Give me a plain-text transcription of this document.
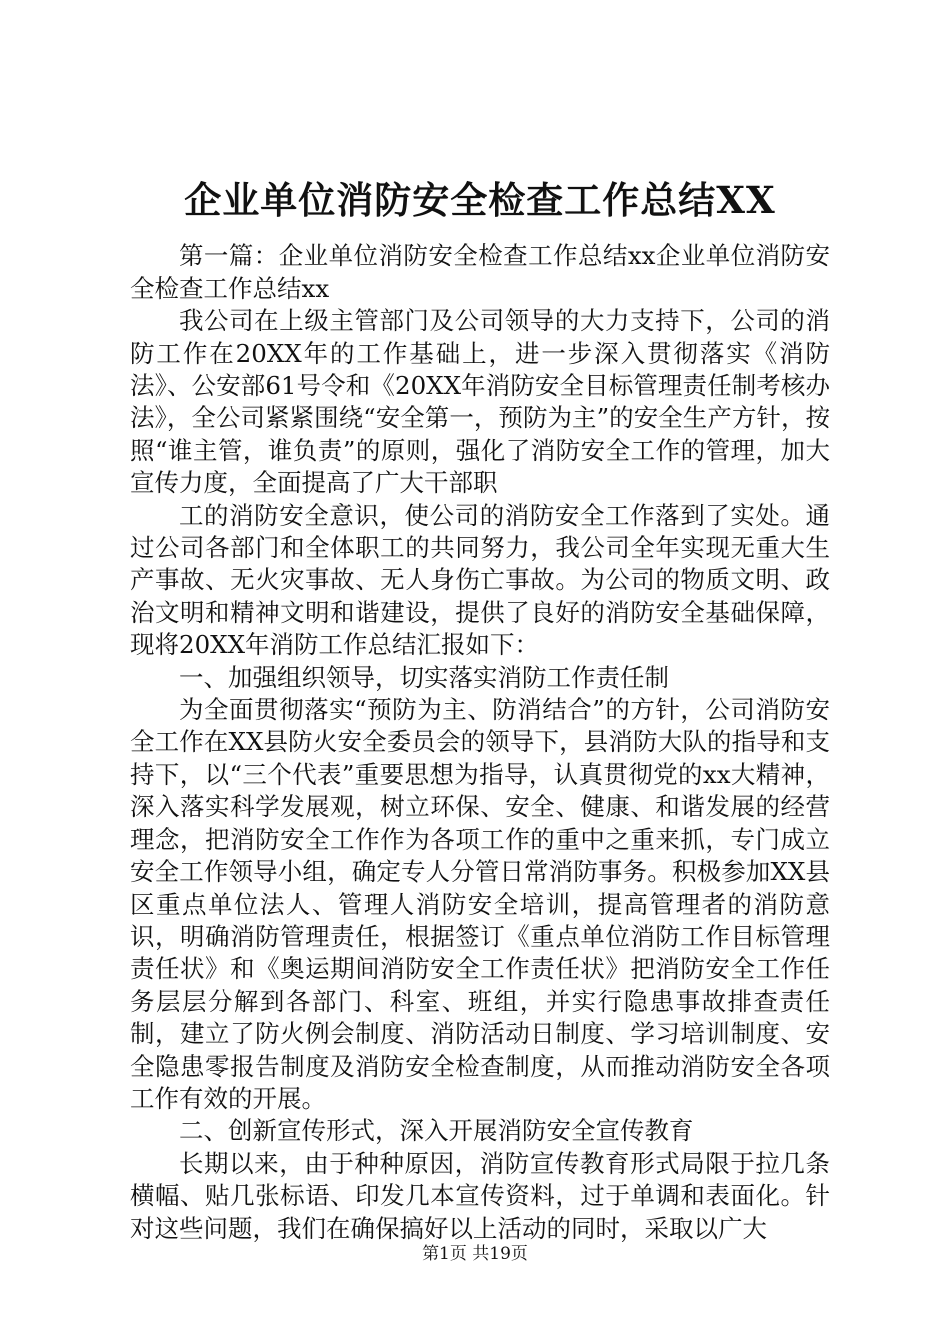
企业单位消防安全检查工作总结XX

第一篇：企业单位消防安全检查工作总结xx企业单位消防安全检查工作总结xx

我公司在上级主管部门及公司领导的大力支持下，公司的消防工作在20XX年的工作基础上，进一步深入贯彻落实《消防法》、公安部61号令和《20XX年消防安全目标管理责任制考核办法》，全公司紧紧围绕“安全第一，预防为主”的安全生产方针，按照“谁主管，谁负责”的原则，强化了消防安全工作的管理，加大宣传力度，全面提高了广大干部职

工的消防安全意识，使公司的消防安全工作落到了实处。通过公司各部门和全体职工的共同努力，我公司全年实现无重大生产事故、无火灾事故、无人身伤亡事故。为公司的物质文明、政治文明和精神文明和谐建设，提供了良好的消防安全基础保障，现将20XX年消防工作总结汇报如下：

一、加强组织领导，切实落实消防工作责任制

为全面贯彻落实“预防为主、防消结合”的方针，公司消防安全工作在XX县防火安全委员会的领导下，县消防大队的指导和支持下，以“三个代表”重要思想为指导，认真贯彻党的xx大精神，深入落实科学发展观，树立环保、安全、健康、和谐发展的经营理念，把消防安全工作作为各项工作的重中之重来抓，专门成立安全工作领导小组，确定专人分管日常消防事务。积极参加XX县区重点单位法人、管理人消防安全培训，提高管理者的消防意识，明确消防管理责任，根据签订《重点单位消防工作目标管理责任状》和《奥运期间消防安全工作责任状》把消防安全工作任务层层分解到各部门、科室、班组，并实行隐患事故排查责任制，建立了防火例会制度、消防活动日制度、学习培训制度、安全隐患零报告制度及消防安全检查制度，从而推动消防安全各项工作有效的开展。

二、创新宣传形式，深入开展消防安全宣传教育

长期以来，由于种种原因，消防宣传教育形式局限于拉几条横幅、贴几张标语、印发几本宣传资料，过于单调和表面化。针对这些问题，我们在确保搞好以上活动的同时，采取以广大

第1页 共19页
